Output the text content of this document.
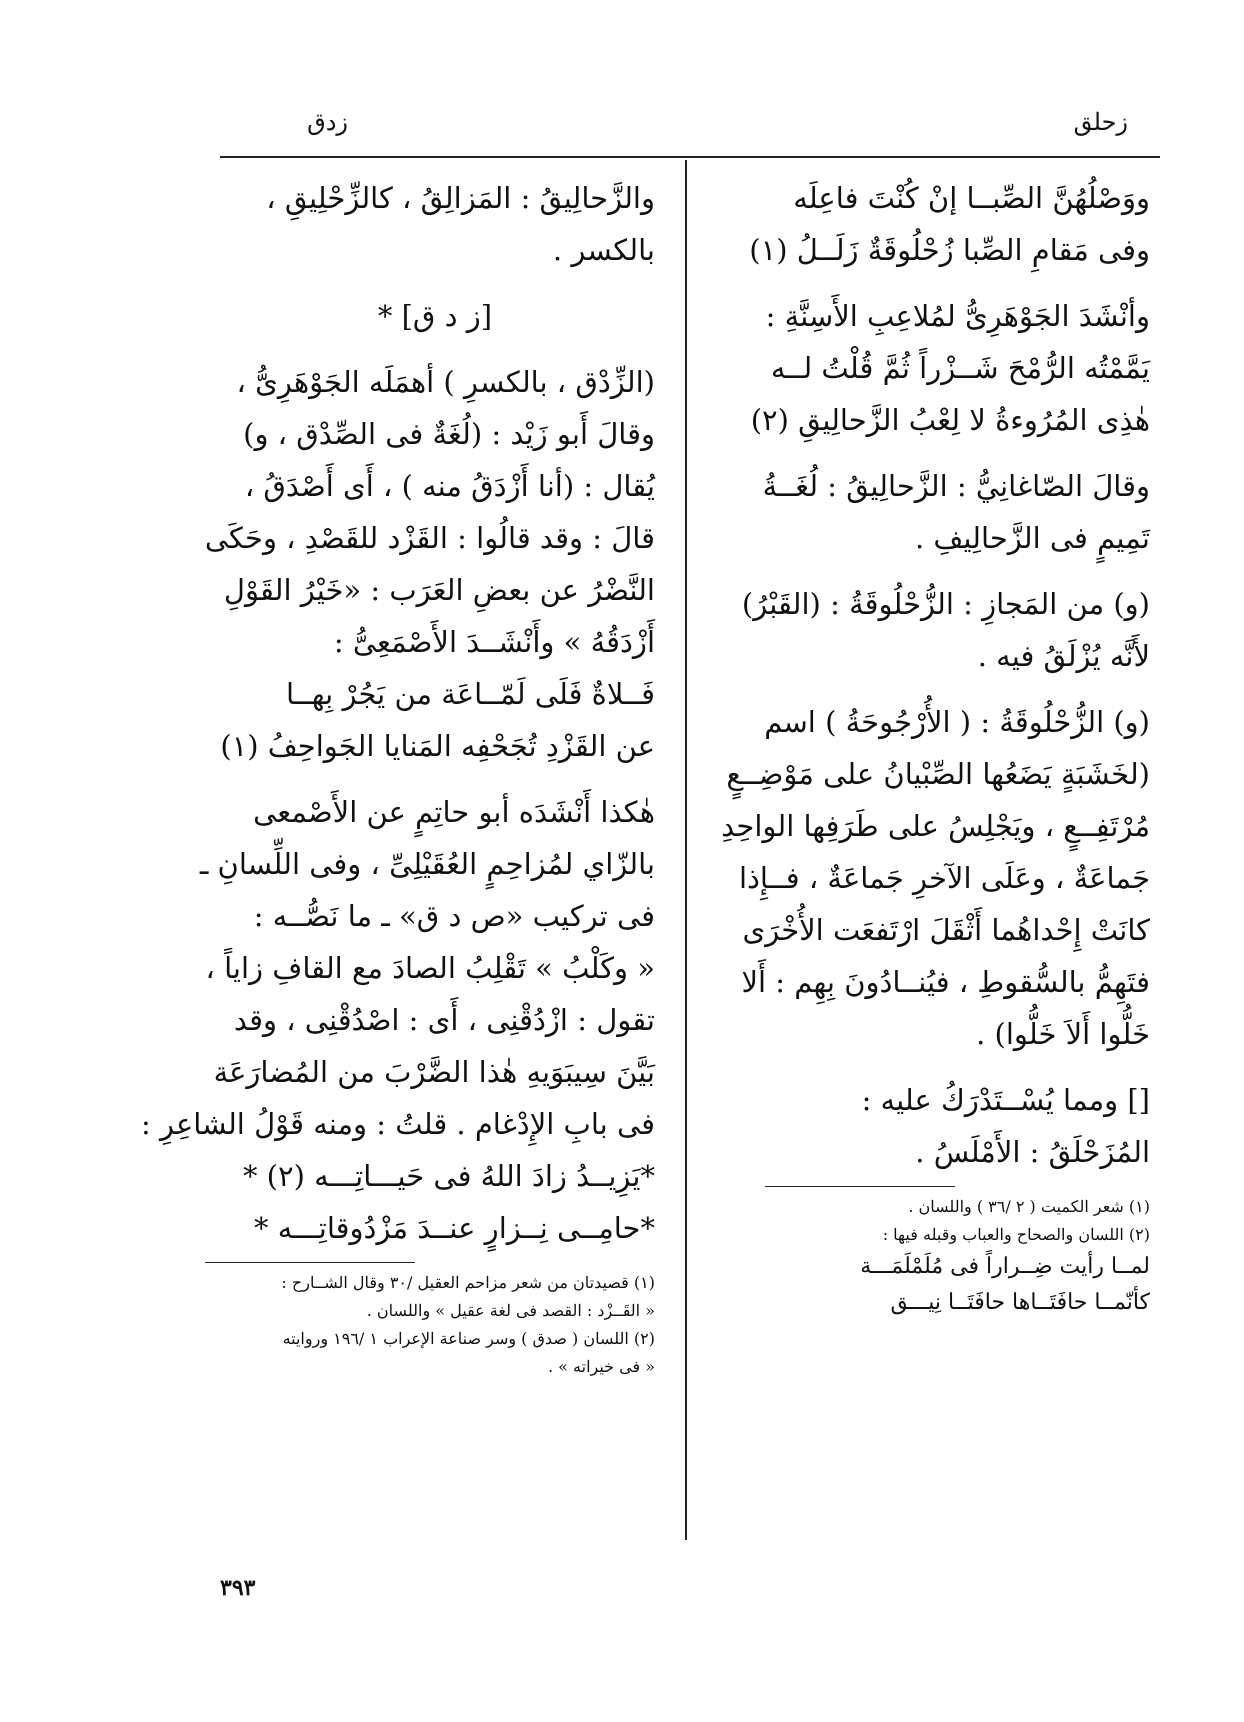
زحلق
زدق
ووَصْلُهُنَّ الصِّبــا إنْ كُنْتَ فاعِلَه
وفى مَقامِ الصِّبا زُحْلُوقَةٌ زَلَــلُ (١)
وأنْشَدَ الجَوْهَرِىُّ لمُلاعِبِ الأَسِنَّةِ :
يَمَّمْتُه الرُّمْحَ شَــزْراً ثُمَّ قُلْتُ لــه
هٰذِى المُرُوءةُ لا لِعْبُ الزَّحالِيقِ (٢)
وقالَ الصّاغانِيُّ : الزَّحالِيقُ : لُغَــةُ
تَمِيمٍ فى الزَّحالِيفِ .
(و) من المَجازِ : الزُّحْلُوقَةُ : (القَبْرُ)
لأَنَّه يُزْلَقُ فيه .
(و) الزُّحْلُوقَةُ : ( الأُرْجُوحَةُ ) اسم
(لخَشَبَةٍ يَضَعُها الصِّبْيانُ على مَوْضِــعٍ
مُرْتَفِــعٍ ، ويَجْلِسُ على طَرَفِها الواحِدِ
جَماعَةٌ ، وعَلَى الآخرِ جَماعَةٌ ، فــإِذا
كانَتْ إِحْداهُما أَثْقَلَ ارْتَفعَت الأُخْرَى
فتَهِمُّ بالسُّقوطِ ، فيُنــادُونَ بِهِم : أَلا
خَلُّوا أَلاَ خَلُّوا) .
[] ومما يُسْــتَدْرَكُ عليه :
المُزَحْلَقُ : الأَمْلَسُ .
(١) شعر الكميت ( ٢ /٣٦ ) واللسان .
(٢) اللسان والصحاح والعباب وقبله فيها :
لمــا رأيت ضِــراراً فى مُلَمْلَمَـــة
كأنّمــا حافَتَــاها حافَتَــا نِيـــق
والزَّحالِيقُ : المَزالِقُ ، كالزِّحْلِيقِ ،
بالكسر .
[ز د ق] *
(الزِّدْق ، بالكسرِ ) أهمَلَه الجَوْهَرِىُّ ،
وقالَ أَبو زَيْد : (لُغَةٌ فى الصِّدْق ، و)
يُقال : (أنا أَزْدَقُ منه ) ، أَى أَصْدَقُ ،
قالَ : وقد قالُوا : القَزْد للقَصْدِ ، وحَكَى
النَّضْرُ عن بعضِ العَرَب : «خَيْرُ القَوْلِ
أَزْدَقُهُ » وأَنْشَــدَ الأَصْمَعِىُّ :
فَــلاةٌ فَلَى لَمّــاعَة من يَجُرْ بِهــا
عن القَزْدِ تُجَحْفِه المَنايا الجَواحِفُ (١)
هٰكذا أَنْشَدَه أبو حاتِمٍ عن الأَصْمعى
بالزّاي لمُزاحِمٍ العُقَيْلِىِّ ، وفى اللِّسانِ ـ
فى تركيب «ص د ق» ـ ما نَصُّــه :
« وكَلْبُ » تَقْلِبُ الصادَ مع القافِ زاياً ،
تقول : ازْدُقْنِى ، أَى : اصْدُقْنِى ، وقد
بَيَّنَ سِيبَوَيهِ هٰذا الضَّرْبَ من المُضارَعَة
فى بابِ الإِدْغام . قلتُ : ومنه قَوْلُ الشاعِرِ :
*يَزِيــدُ زادَ اللهُ فى حَيـــاتِـــه (٢) *
*حامِــى نِــزارٍ عنــدَ مَزْدُوقاتِـــه *
(١) قصيدتان من شعر مزاحم العقيل /٣٠ وقال الشــارح :
« القَــزْد : القصد فى لغة عقيل » واللسان .
(٢) اللسان ( صدق ) وسر صناعة الإعراب ١ /١٩٦ وروايته
« فى خيراته » .
٣٩٣
